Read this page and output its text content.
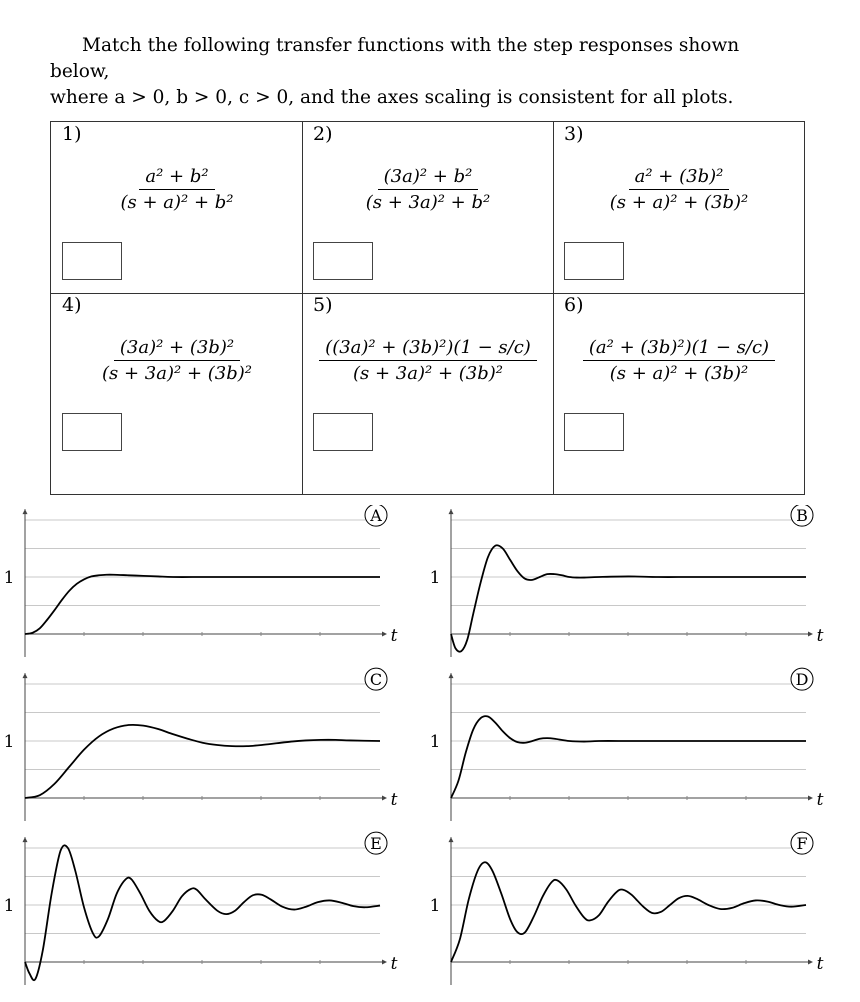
Match the following transfer functions with the step responses shown below,
where a > 0, b > 0, c > 0, and the axes scaling is consistent for all plots.
1)
$\frac{\text{a² + b²}}{\text{(s + a)² + b²}}$
2)
$\frac{\text{(3a)² + b²}}{\text{(s + 3a)² + b²}}$
3)
$\frac{\text{a² + (3b)²}}{\text{(s + a)² + (3b)²}}$
4)
$\frac{\text{(3a)² + (3b)²}}{\text{(s + 3a)² + (3b)²}}$
5)
$\frac{\text{((3a)² + (3b)²)(1 − s/c)}}{\text{(s + 3a)² + (3b)²}}$
6)
$\frac{\text{(a² + (3b)²)(1 − s/c)}}{\text{(s + a)² + (3b)²}}$
1
t
A
1
t
B
1
t
C
1
t
D
1
t
E
1
t
F
